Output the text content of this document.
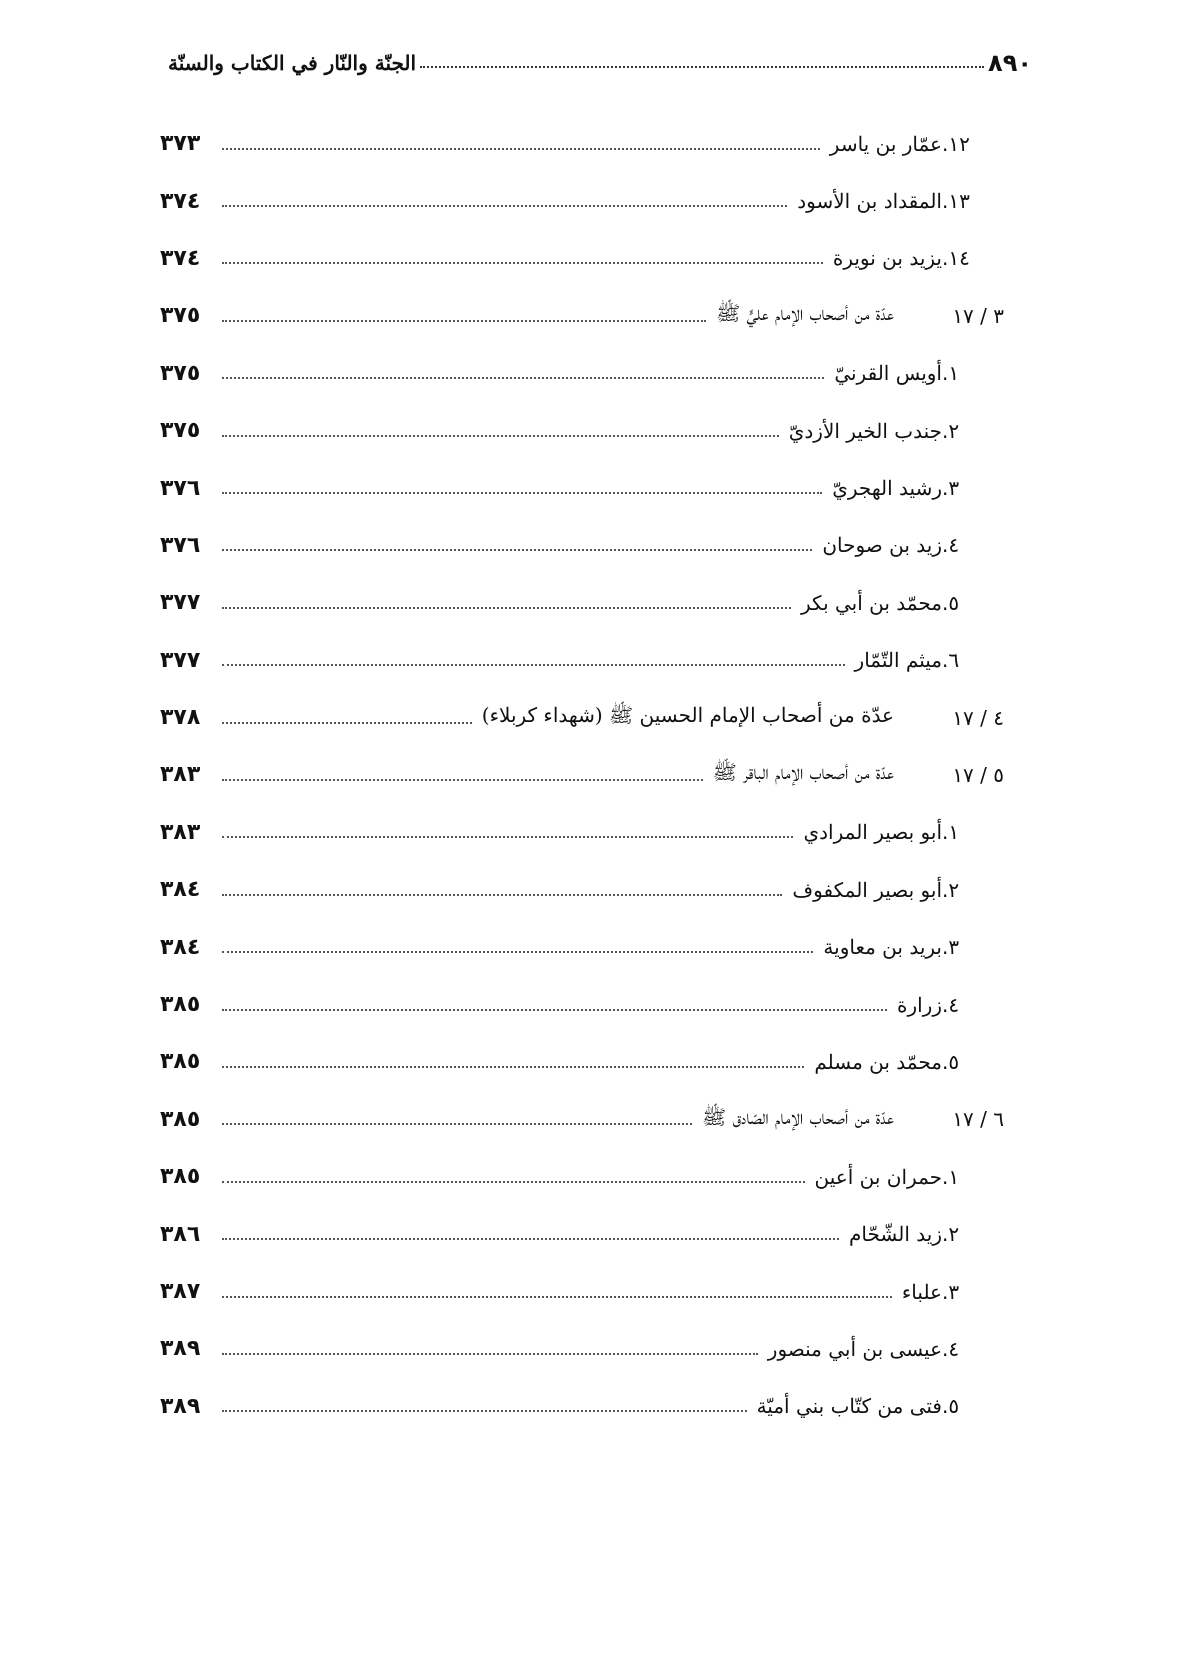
٨٩٠
الجنّة والنّار في الكتاب والسنّة
١٢.
عمّار بن ياسر
٣٧٣
١٣.
المقداد بن الأسود
٣٧٤
١٤.
يزيد بن نويرة
٣٧٤
٣ / ١٧
عدّة من أصحاب الإمام عليٍّ ﷺ
٣٧٥
١.
أويس القرنيّ
٣٧٥
٢.
جندب الخير الأزديّ
٣٧٥
٣.
رشيد الهجريّ
٣٧٦
٤.
زيد بن صوحان
٣٧٦
٥.
محمّد بن أبي بكر
٣٧٧
٦.
ميثم التّمّار
٣٧٧
٤ / ١٧
عدّة من أصحاب الإمام الحسين ﷺ (شهداء كربلاء)
٣٧٨
٥ / ١٧
عدّة من أصحاب الإمام الباقر ﷺ
٣٨٣
١.
أبو بصير المرادي
٣٨٣
٢.
أبو بصير المكفوف
٣٨٤
٣.
بريد بن معاوية
٣٨٤
٤.
زرارة
٣٨٥
٥.
محمّد بن مسلم
٣٨٥
٦ / ١٧
عدّة من أصحاب الإمام الصّادق ﷺ
٣٨٥
١.
حمران بن أعين
٣٨٥
٢.
زيد الشّحّام
٣٨٦
٣.
علباء
٣٨٧
٤.
عيسى بن أبي منصور
٣٨٩
٥.
فتى من كتّاب بني أميّة
٣٨٩
